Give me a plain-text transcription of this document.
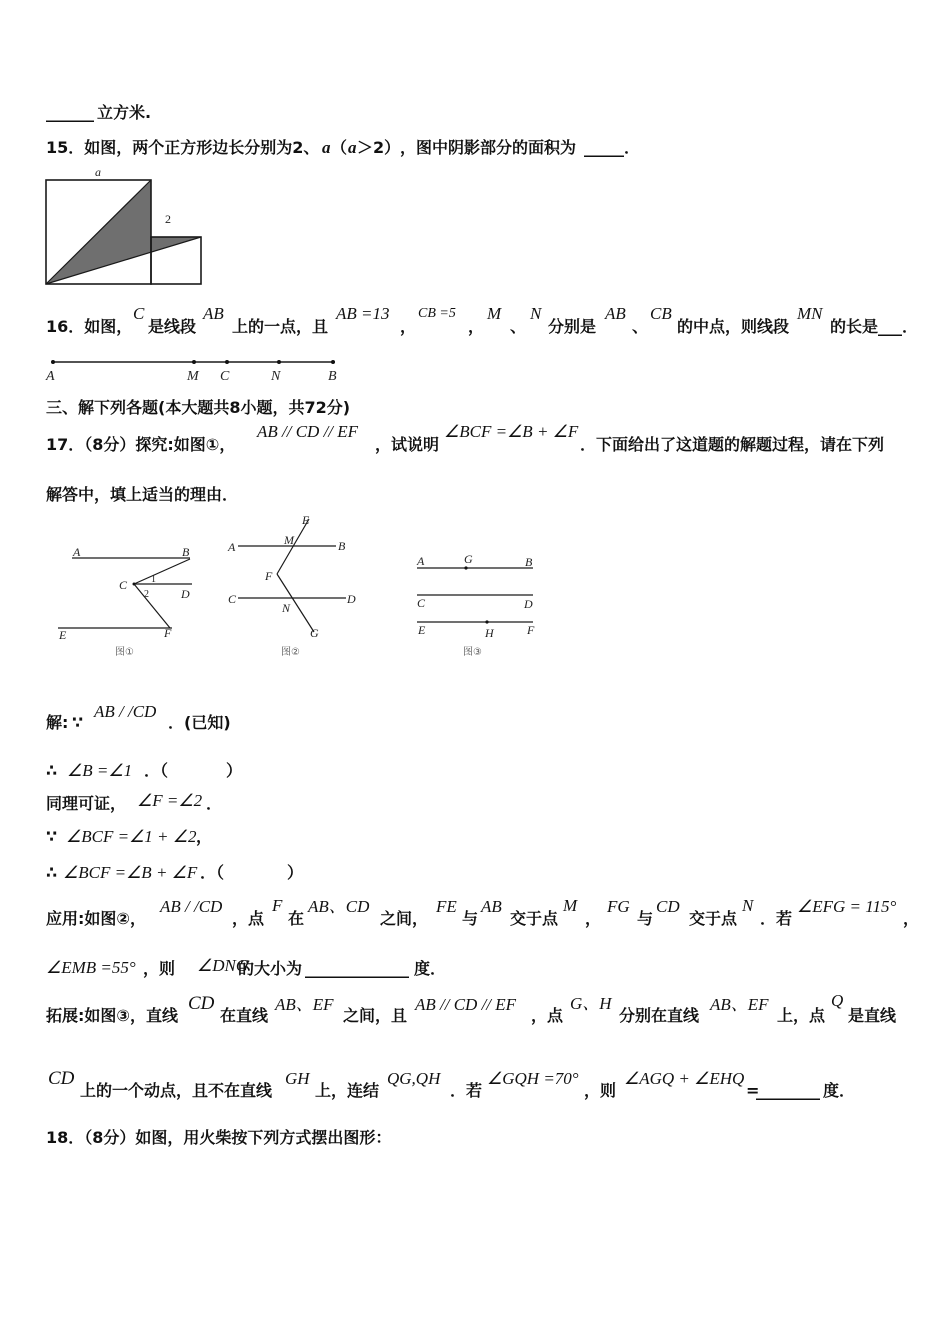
______ 立方米.
15．如图，两个正方形边长分别为2、 a （ a ＞2） ，图中阴影部分的面积为 _____ ．
a
2
16．如图，
C
是线段
AB
上的一点，且
AB =13
，
CB =5
，
M
、
N
分别是
AB
、
CB
的中点，则线段
MN
的长是___．
A	M C	N	B
三、解下列各题(本大题共8小题，共72分)
17．（8分）探究:如图①，
AB // CD // EF
，试说明
∠BCF =∠B + ∠F
．下面给出了这道题的解题过程，请在下列
解答中，填上适当的理由．
A	B
C 1
2	D
E	F
图①
E
M
A	B
F
C
N
D
G
图②
A	G	B
C	D
E	H	F
图③
解: ∵
AB / /CD
．(已知)
∴ ∠B =∠1 ．（	）
同理可证， ∠F =∠2 ．
∵ ∠BCF =∠1 + ∠2 ，
∴ ∠BCF =∠B + ∠F ．（	）
应用:如图②，
AB / /CD
，点
F
在
AB、CD
之间，
FE
与
AB
交于点
M
，
FG
与
CD
交于点
N
．若
∠EFG = 115°
，
∠EMB =55° ，则 ∠DNG
的大小为 _____________ 度．
拓展:如图③，直线
CD
在直线
AB、EF
之间，且
AB // CD // EF
，点
G、H
分别在直线
AB、EF
上，点
Q
是直线
CD
上的一个动点，且不在直线
GH
上，连结
QG,QH
．若
∠GQH =70°
，则
∠AGQ + ∠EHQ
=
________ 度．
18．（8分）如图，用火柴按下列方式摆出图形：
